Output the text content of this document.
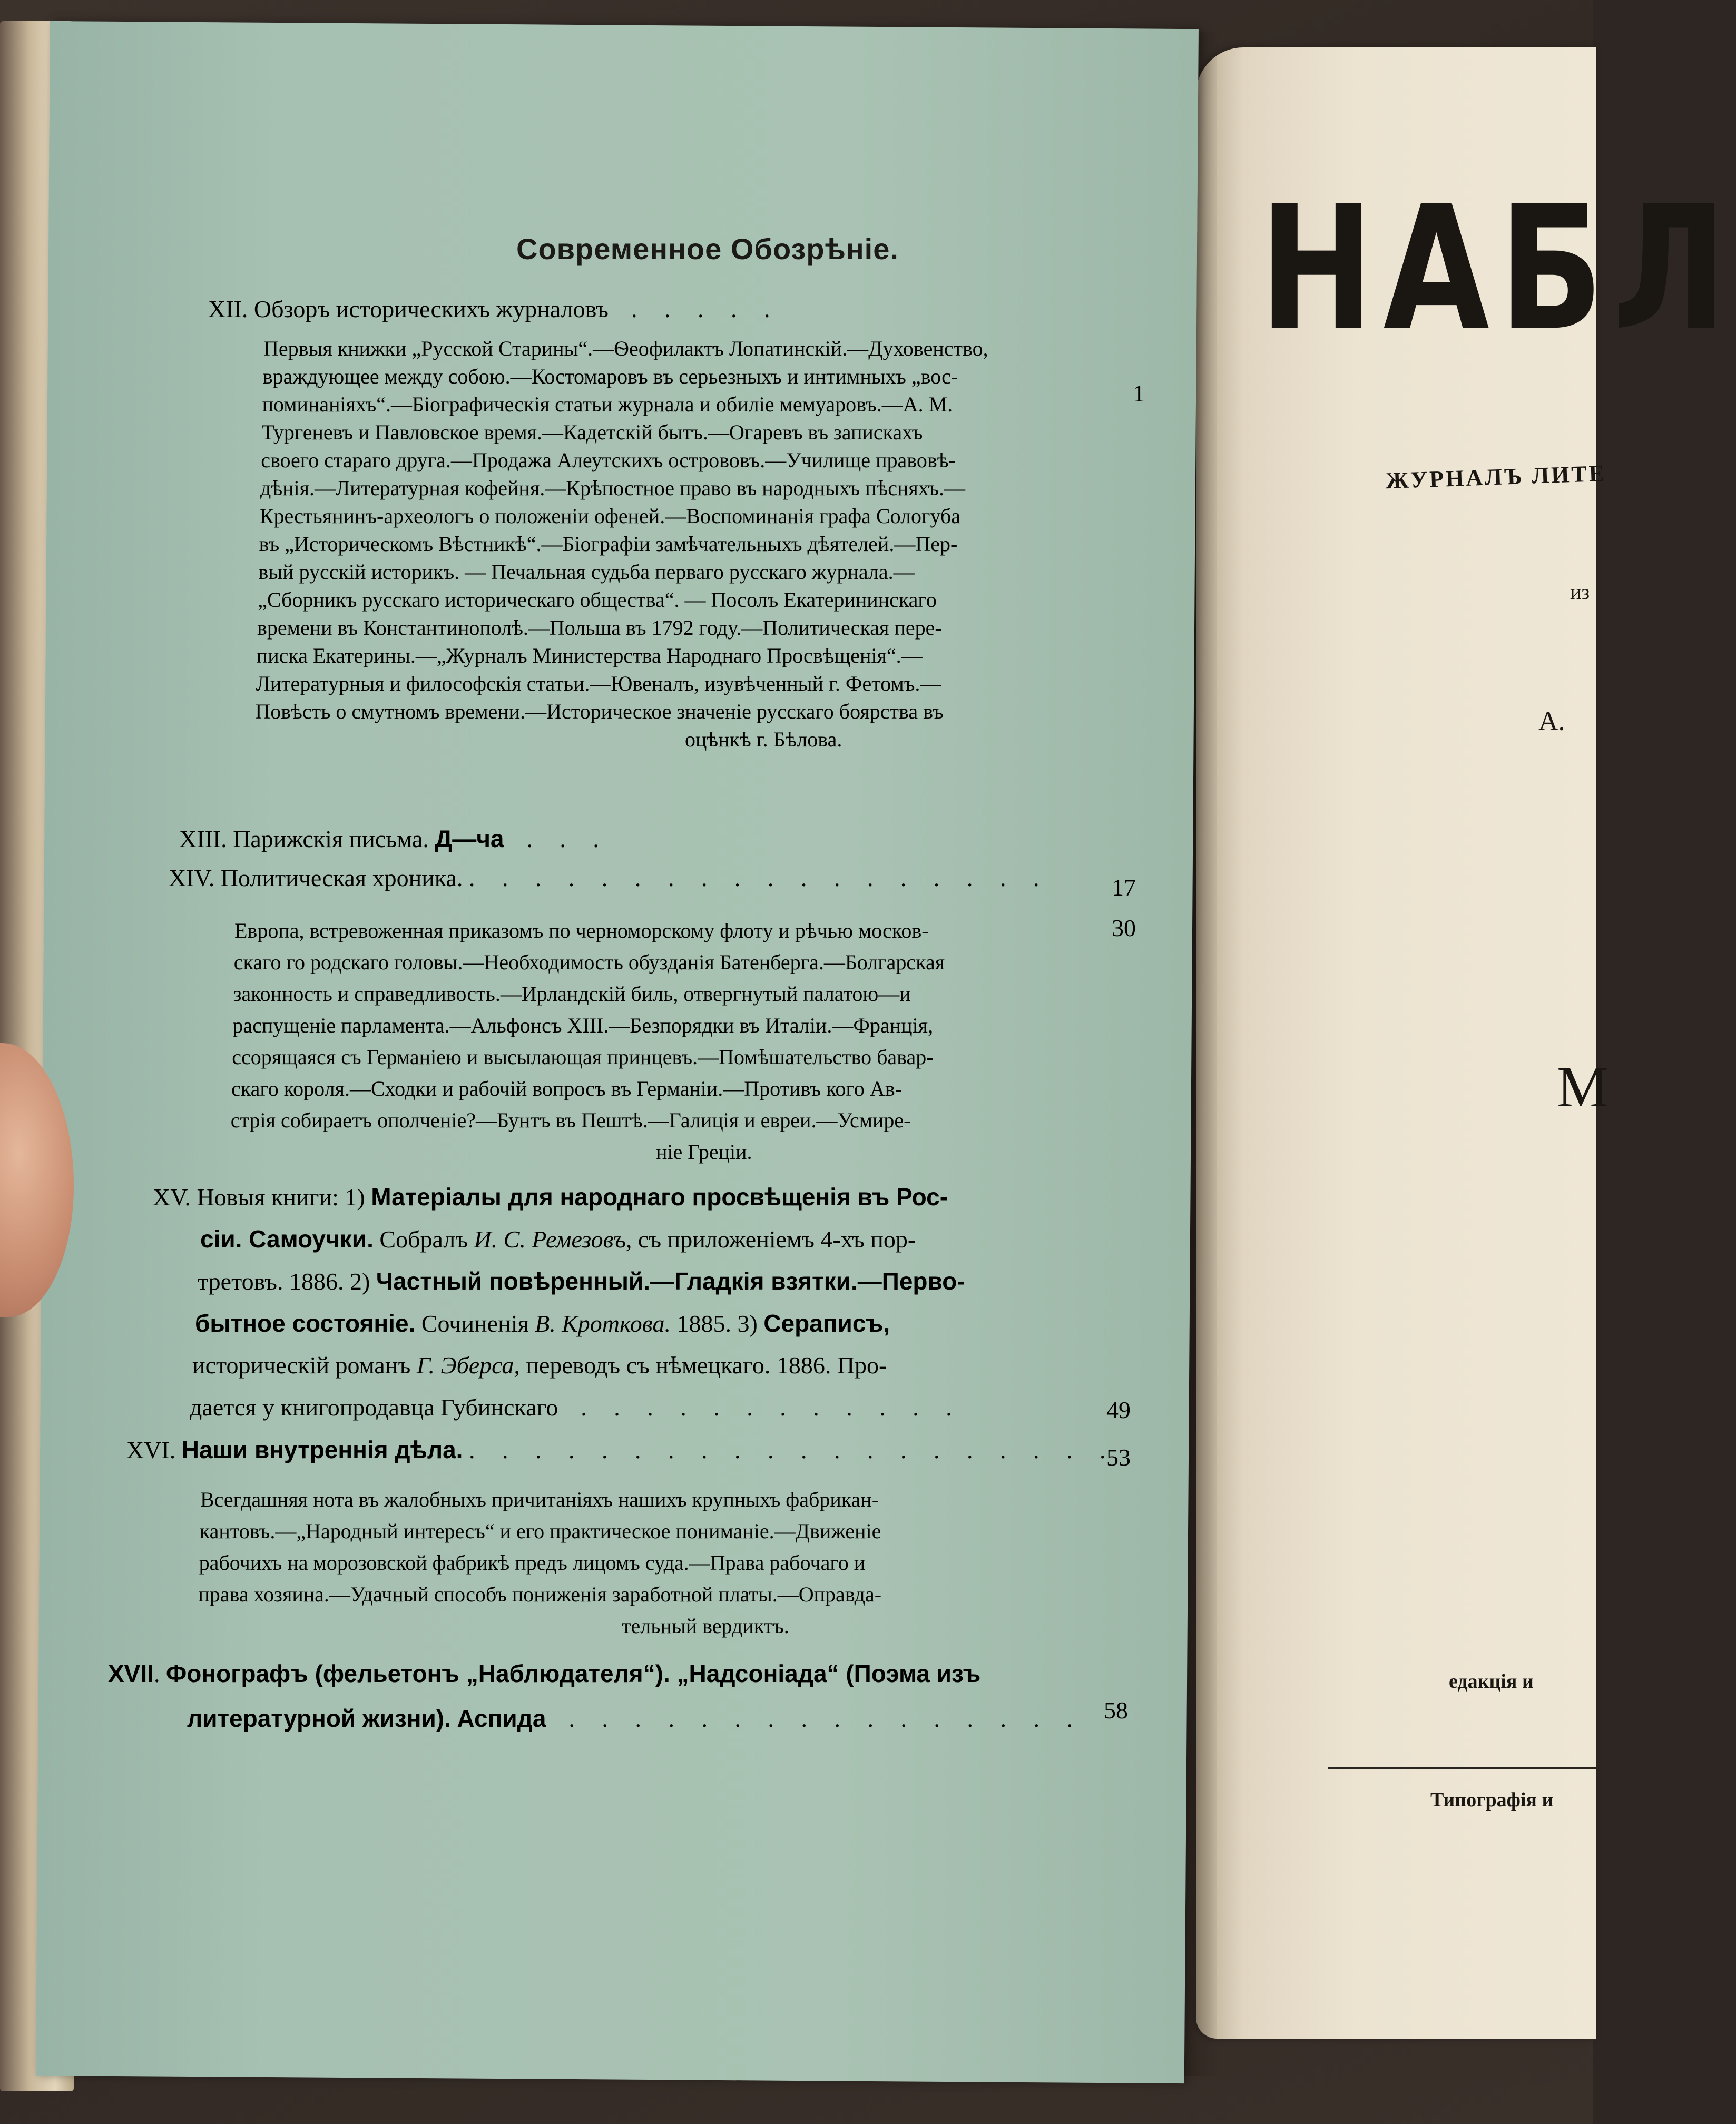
НАБЛ
ЖУРНАЛЪ ЛИТЕ
из
А.
М
едакція и
Типографія и
Современное Обозрѣніе.
XII. Обзоръ историческихъ журналовъ  . . . . .
1
XIII. Парижскія письма. Д—ча  . . .
XIV. Политическая хроника. . . . . . . . . . . . . . . . . . .	17
30
XV. Новыя книги: 1) Матеріалы для народнаго просвѣщенія въ Рос-
сіи. Самоучки. Собралъ И. С. Ремезовъ, съ приложеніемъ 4-хъ пор-
третовъ. 1886. 2) Частный повѣренный.—Гладкія взятки.—Перво-
бытное состояніе. Сочиненія В. Кроткова. 1885. 3) Сераписъ,
историческій романъ Г. Эберса, переводъ съ нѣмецкаго. 1886. Про-
дается у книгопродавца Губинскаго  . . . . . . . . . . . .	49
XVI. Наши внутреннія дѣла. . . . . . . . . . . . . . . . . . . . .
53
XVII. Фонографъ (фельетонъ „Наблюдателя“). „Надсоніада“ (Поэма изъ
литературной жизни). Аспида  . . . . . . . . . . . . . . . . 58
Первыя книжки „Русской Старины“.—Ѳеофилактъ Лопатинскій.—Духовенство,
враждующее между собою.—Костомаровъ въ серьезныхъ и интимныхъ „вос-
поминаніяхъ“.—Біографическія статьи журнала и обиліе мемуаровъ.—А. М.
Тургеневъ и Павловское время.—Кадетскій бытъ.—Огаревъ въ запискахъ
своего стараго друга.—Продажа Алеутскихъ острововъ.—Училище правовѣ-
дѣнія.—Литературная кофейня.—Крѣпостное право въ народныхъ пѣсняхъ.—
Крестьянинъ-археологъ о положеніи офеней.—Воспоминанія графа Сологуба
въ „Историческомъ Вѣстникѣ“.—Біографіи замѣчательныхъ дѣятелей.—Пер-
вый русскій историкъ. — Печальная судьба перваго русскаго журнала.—
„Сборникъ русскаго историческаго общества“. — Посолъ Екатерининскаго
времени въ Константинополѣ.—Польша въ 1792 году.—Политическая пере-
писка Екатерины.—„Журналъ Министерства Народнаго Просвѣщенія“.—
Литературныя и философскія статьи.—Ювеналъ, изувѣченный г. Фетомъ.—
Повѣсть о смутномъ времени.—Историческое значеніе русскаго боярства въ
оцѣнкѣ г. Бѣлова.
Европа, встревоженная приказомъ по черноморскому флоту и рѣчью москов-
скаго го родскаго головы.—Необходимость обузданія Батенберга.—Болгарская
законность и справедливость.—Ирландскій биль, отвергнутый палатою—и
распущеніе парламента.—Альфонсъ XIII.—Безпорядки въ Италіи.—Франція,
ссорящаяся съ Германіею и высылающая принцевъ.—Помѣшательство бавар-
скаго короля.—Сходки и рабочій вопросъ въ Германіи.—Противъ кого Ав-
стрія собираетъ ополченіе?—Бунтъ въ Пештѣ.—Галиція и евреи.—Усмире-
ніе Греціи.
Всегдашняя нота въ жалобныхъ причитаніяхъ нашихъ крупныхъ фабрикан-
кантовъ.—„Народный интересъ“ и его практическое пониманіе.—Движеніе
рабочихъ на морозовской фабрикѣ предъ лицомъ суда.—Права рабочаго и
права хозяина.—Удачный способъ пониженія заработной платы.—Оправда-
тельный вердиктъ.
